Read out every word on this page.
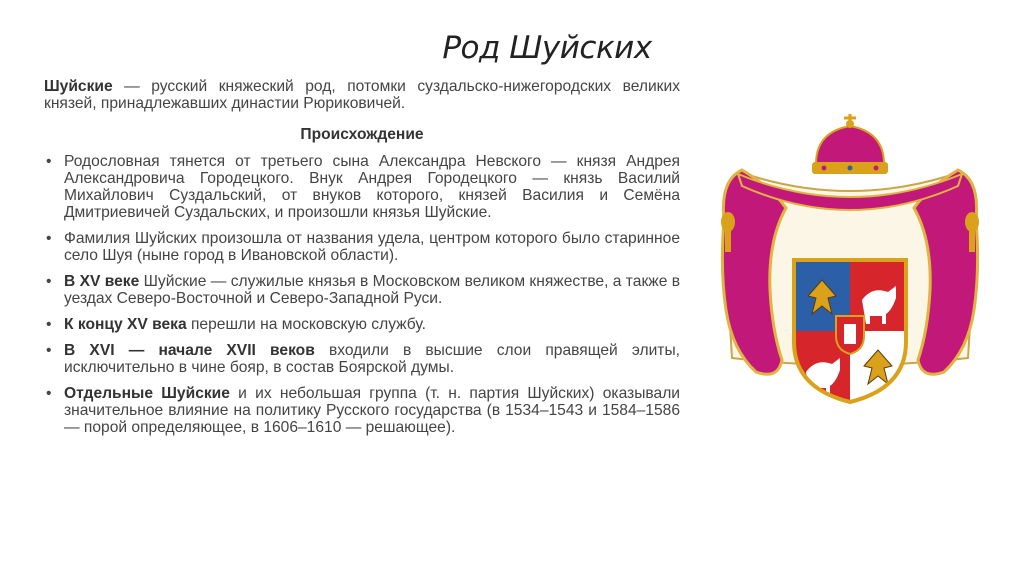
Род Шуйских

Шуйские — русский княжеский род, потомки суздальско-нижегородских великих князей, принадлежавших династии Рюриковичей.

Происхождение
• Родословная тянется от третьего сына Александра Невского — князя Андрея Александровича Городецкого. Внук Андрея Городецкого — князь Василий Михайлович Суздальский, от внуков которого, князей Василия и Семёна Дмитриевичей Суздальских, и произошли князья Шуйские.
• Фамилия Шуйских произошла от названия удела, центром которого было старинное село Шуя (ныне город в Ивановской области).
• В XV веке Шуйские — служилые князья в Московском великом княжестве, а также в уездах Северо-Восточной и Северо-Западной Руси.
• К концу XV века перешли на московскую службу.
• В XVI — начале XVII веков входили в высшие слои правящей элиты, исключительно в чине бояр, в состав Боярской думы.
• Отдельные Шуйские и их небольшая группа (т. н. партия Шуйских) оказывали значительное влияние на политику Русского государства (в 1534–1543 и 1584–1586 — порой определяющее, в 1606–1610 — решающее).
